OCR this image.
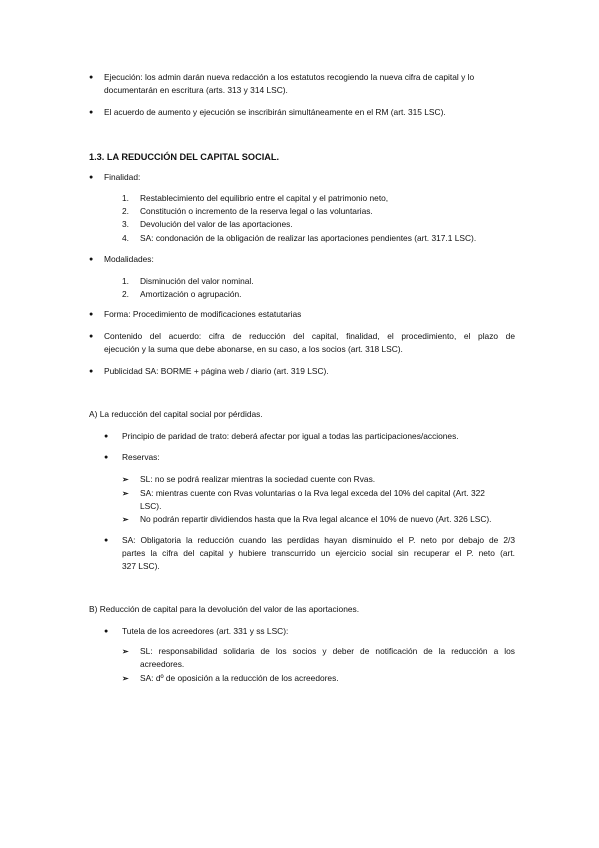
● Ejecución: los admin darán nueva redacción a los estatutos recogiendo la nueva cifra de capital y lo
documentarán en escritura (arts. 313 y 314 LSC).
● El acuerdo de aumento y ejecución se inscribirán simultáneamente en el RM (art. 315 LSC).
1.3. LA REDUCCIÓN DEL CAPITAL SOCIAL.
● Finalidad:
1. Restablecimiento del equilibrio entre el capital y el patrimonio neto,
2. Constitución o incremento de la reserva legal o las voluntarias.
3. Devolución del valor de las aportaciones.
4. SA: condonación de la obligación de realizar las aportaciones pendientes (art. 317.1 LSC).
● Modalidades:
1. Disminución del valor nominal.
2. Amortización o agrupación.
● Forma: Procedimiento de modificaciones estatutarias
● Contenido del acuerdo: cifra de reducción del capital, finalidad, el procedimiento, el plazo de
ejecución y la suma que debe abonarse, en su caso, a los socios (art. 318 LSC).
● Publicidad SA: BORME + página web / diario (art. 319 LSC).
A) La reducción del capital social por pérdidas.
● Principio de paridad de trato: deberá afectar por igual a todas las participaciones/acciones.
● Reservas:
➢ SL: no se podrá realizar mientras la sociedad cuente con Rvas.
➢ SA: mientras cuente con Rvas voluntarias o la Rva legal exceda del 10% del capital (Art. 322
LSC).
➢ No podrán repartir dividiendos hasta que la Rva legal alcance el 10% de nuevo (Art. 326 LSC).
● SA: Obligatoria la reducción cuando las perdidas hayan disminuido el P. neto por debajo de 2/3
partes la cifra del capital y hubiere transcurrido un ejercicio social sin recuperar el P. neto (art.
327 LSC).
B) Reducción de capital para la devolución del valor de las aportaciones.
● Tutela de los acreedores (art. 331 y ss LSC):
➢ SL: responsabilidad solidaria de los socios y deber de notificación de la reducción a los
acreedores.
➢ SA: dº de oposición a la reducción de los acreedores.
